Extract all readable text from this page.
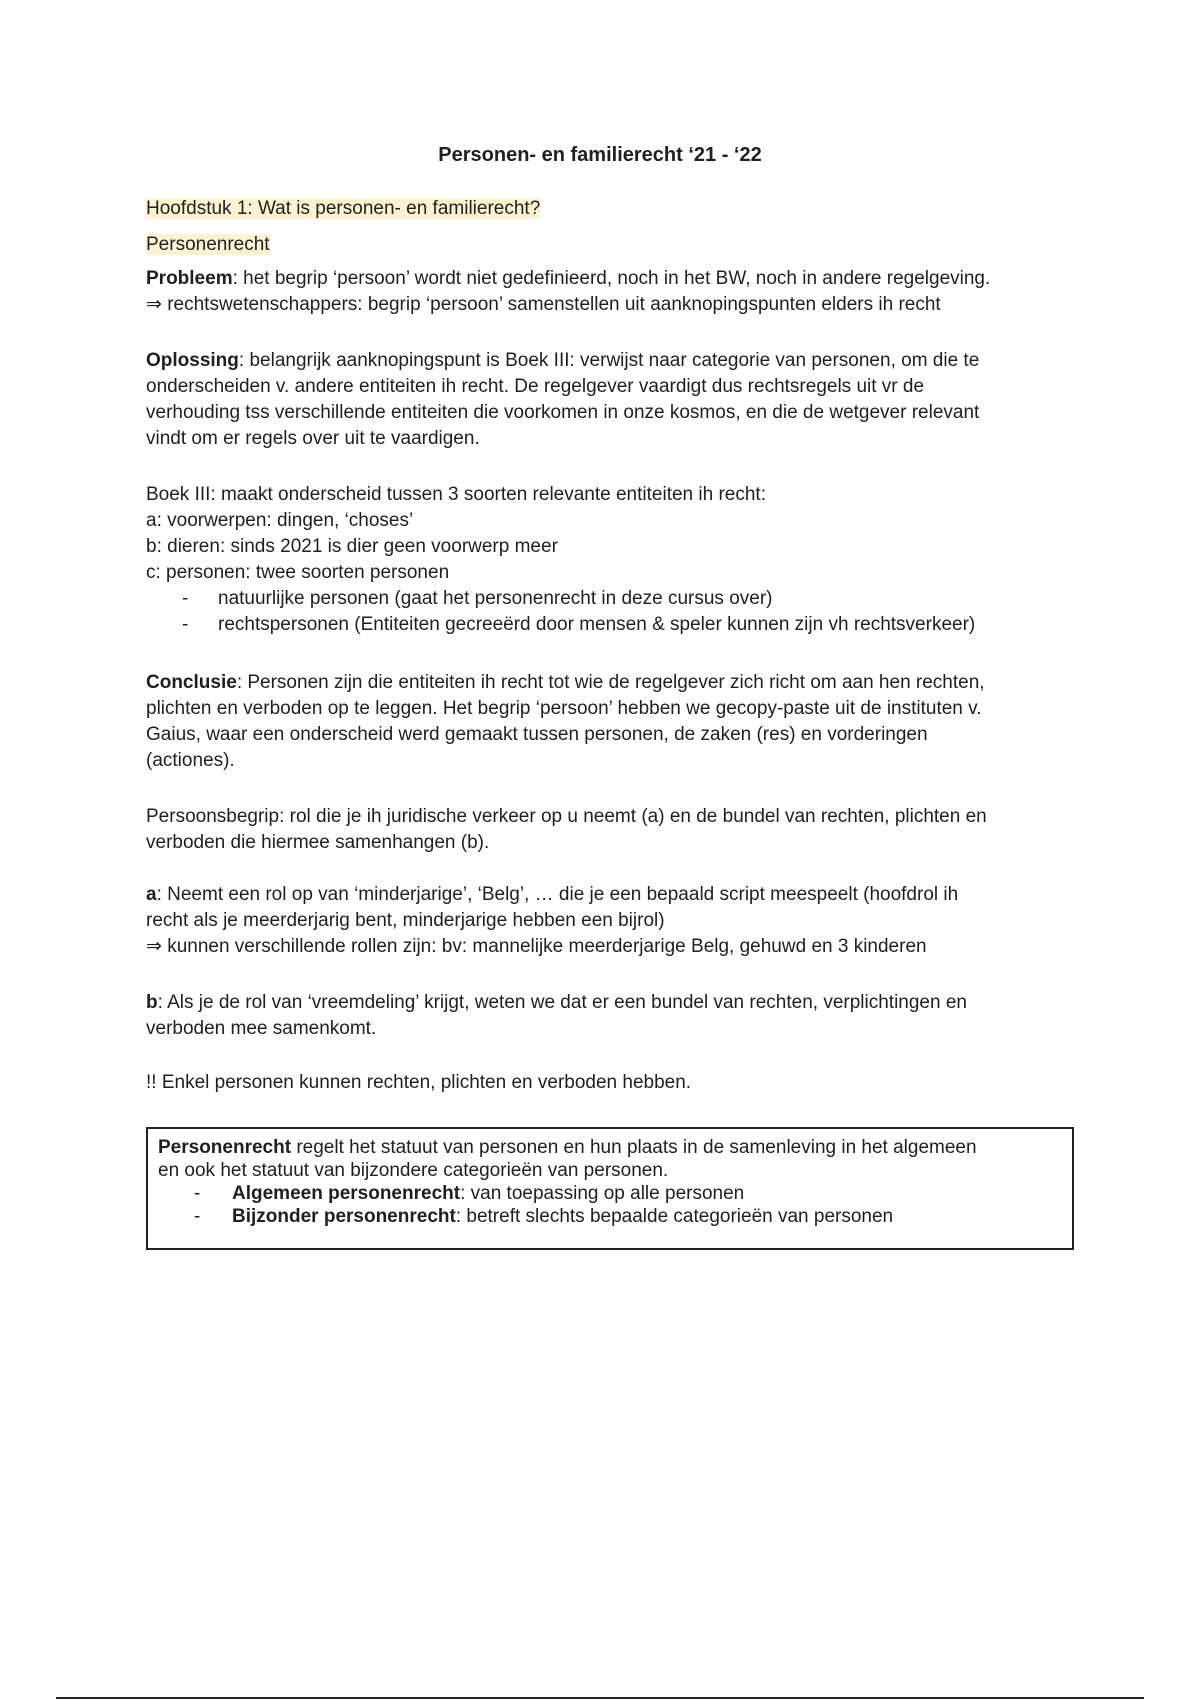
Personen- en familierecht ‘21 - ‘22
Hoofdstuk 1: Wat is personen- en familierecht?
Personenrecht
Probleem: het begrip ‘persoon’ wordt niet gedefinieerd, noch in het BW, noch in andere regelgeving.
⇒ rechtswetenschappers: begrip ‘persoon’ samenstellen uit aanknopingspunten elders ih recht
Oplossing: belangrijk aanknopingspunt is Boek III: verwijst naar categorie van personen, om die te
onderscheiden v. andere entiteiten ih recht. De regelgever vaardigt dus rechtsregels uit vr de
verhouding tss verschillende entiteiten die voorkomen in onze kosmos, en die de wetgever relevant
vindt om er regels over uit te vaardigen.
Boek III: maakt onderscheid tussen 3 soorten relevante entiteiten ih recht:
a: voorwerpen: dingen, ‘choses’
b: dieren: sinds 2021 is dier geen voorwerp meer
c: personen: twee soorten personen
- natuurlijke personen (gaat het personenrecht in deze cursus over)
- rechtspersonen (Entiteiten gecreeërd door mensen & speler kunnen zijn vh rechtsverkeer)
Conclusie: Personen zijn die entiteiten ih recht tot wie de regelgever zich richt om aan hen rechten,
plichten en verboden op te leggen. Het begrip ‘persoon’ hebben we gecopy-paste uit de instituten v.
Gaius, waar een onderscheid werd gemaakt tussen personen, de zaken (res) en vorderingen
(actiones).
Persoonsbegrip: rol die je ih juridische verkeer op u neemt (a) en de bundel van rechten, plichten en
verboden die hiermee samenhangen (b).
a: Neemt een rol op van ‘minderjarige’, ‘Belg’, … die je een bepaald script meespeelt (hoofdrol ih
recht als je meerderjarig bent, minderjarige hebben een bijrol)
⇒ kunnen verschillende rollen zijn: bv: mannelijke meerderjarige Belg, gehuwd en 3 kinderen
b: Als je de rol van ‘vreemdeling’ krijgt, weten we dat er een bundel van rechten, verplichtingen en
verboden mee samenkomt.
!! Enkel personen kunnen rechten, plichten en verboden hebben.
Personenrecht regelt het statuut van personen en hun plaats in de samenleving in het algemeen
en ook het statuut van bijzondere categorieën van personen.
- Algemeen personenrecht: van toepassing op alle personen
- Bijzonder personenrecht: betreft slechts bepaalde categorieën van personen
